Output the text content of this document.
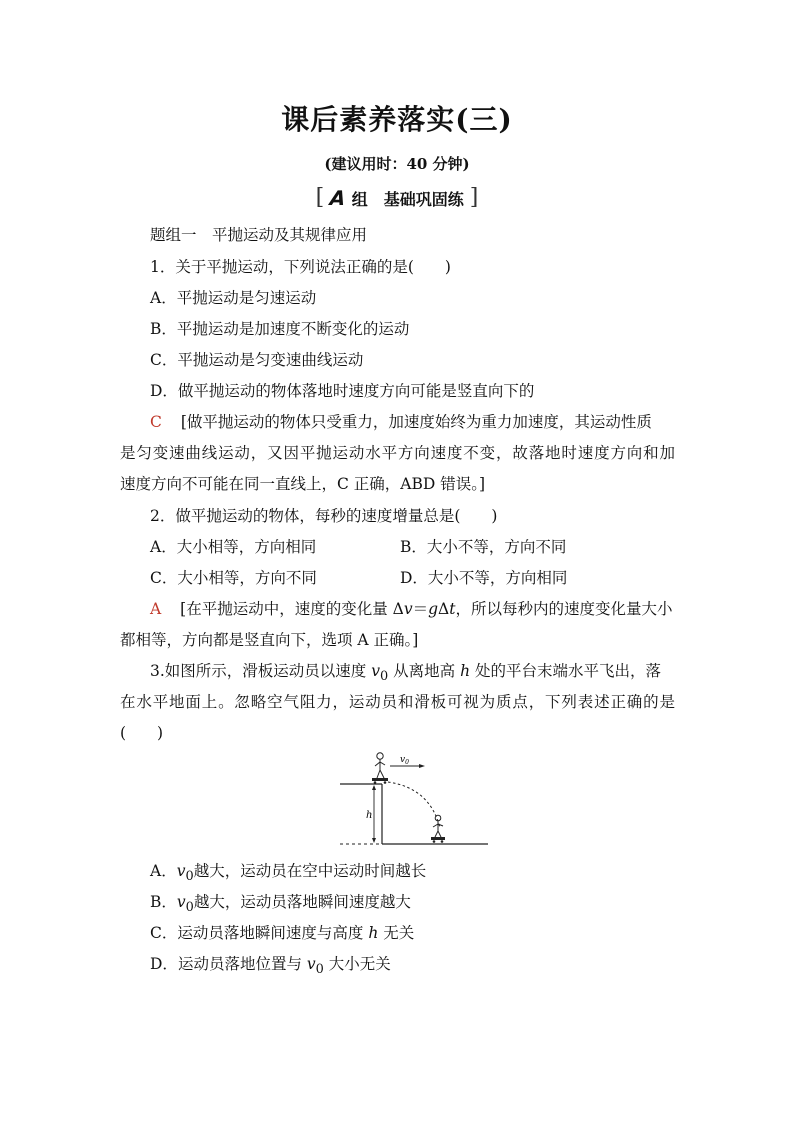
课后素养落实(三)
(建议用时：40 分钟)
[ A 组　基础巩固练 ]
题组一　平抛运动及其规律应用
1．关于平抛运动，下列说法正确的是(　　)
A．平抛运动是匀速运动
B．平抛运动是加速度不断变化的运动
C．平抛运动是匀变速曲线运动
D．做平抛运动的物体落地时速度方向可能是竖直向下的
C [做平抛运动的物体只受重力，加速度始终为重力加速度，其运动性质
是匀变速曲线运动，又因平抛运动水平方向速度不变，故落地时速度方向和加
速度方向不可能在同一直线上，C 正确，ABD 错误。]
2．做平抛运动的物体，每秒的速度增量总是(　　)
A．大小相等，方向相同	B．大小不等，方向不同
C．大小相等，方向不同	D．大小不等，方向相同
A [在平抛运动中，速度的变化量 Δv＝gΔt，所以每秒内的速度变化量大小
都相等，方向都是竖直向下，选项 A 正确。]
3.如图所示，滑板运动员以速度 $v_0$ 从离地高 h 处的平台末端水平飞出，落
在水平地面上。忽略空气阻力，运动员和滑板可视为质点，下列表述正确的是
(　　)
h
$v_0$
A．$v_0$越大，运动员在空中运动时间越长
B．$v_0$越大，运动员落地瞬间速度越大
C．运动员落地瞬间速度与高度 h 无关
D．运动员落地位置与 $v_0$ 大小无关
